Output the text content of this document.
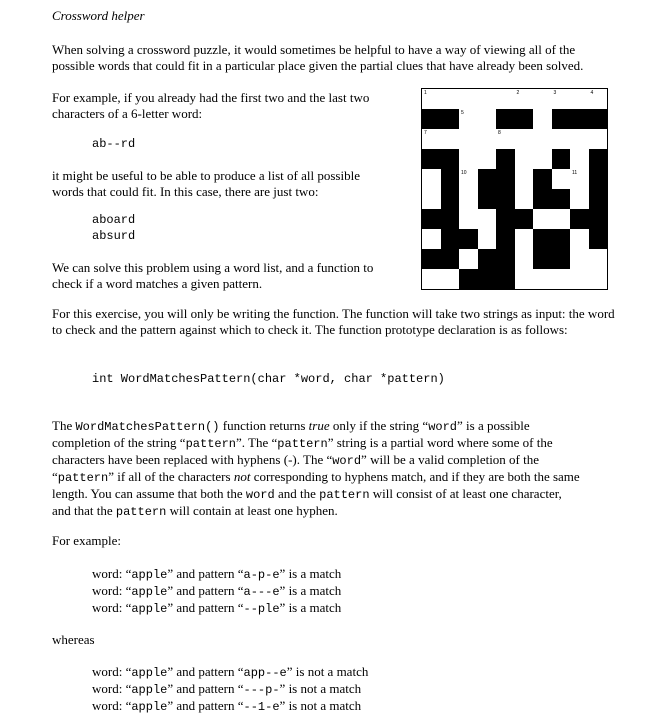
Crossword helper
When solving a crossword puzzle, it would sometimes be helpful to have a way of viewing all of the possible words that could fit in a particular place given the partial clues that have already been solved.
For example, if you already had the first two and the last two characters of a 6-letter word:
ab--rd
it might be useful to be able to produce a list of all possible words that could fit. In this case, there are just two:
aboard
absurd
We can solve this problem using a word list, and a function to check if a word matches a given pattern.
1	2	3	4
5
7	8
10	11
For this exercise, you will only be writing the function. The function will take two strings as input: the word to check and the pattern against which to check it. The function prototype declaration is as follows:
int WordMatchesPattern(char *word, char *pattern)
The WordMatchesPattern() function returns true only if the string “word” is a possible
completion of the string “pattern”. The “pattern” string is a partial word where some of the
characters have been replaced with hyphens (-). The “word” will be a valid completion of the
“pattern” if all of the characters not corresponding to hyphens match, and if they are both the same
length. You can assume that both the word and the pattern will consist of at least one character,
and that the pattern will contain at least one hyphen.
For example:
word: “apple” and pattern “a-p-e” is a match
word: “apple” and pattern “a---e” is a match
word: “apple” and pattern “--ple” is a match
whereas
word: “apple” and pattern “app--e” is not a match
word: “apple” and pattern “---p-” is not a match
word: “apple” and pattern “--1-e” is not a match
